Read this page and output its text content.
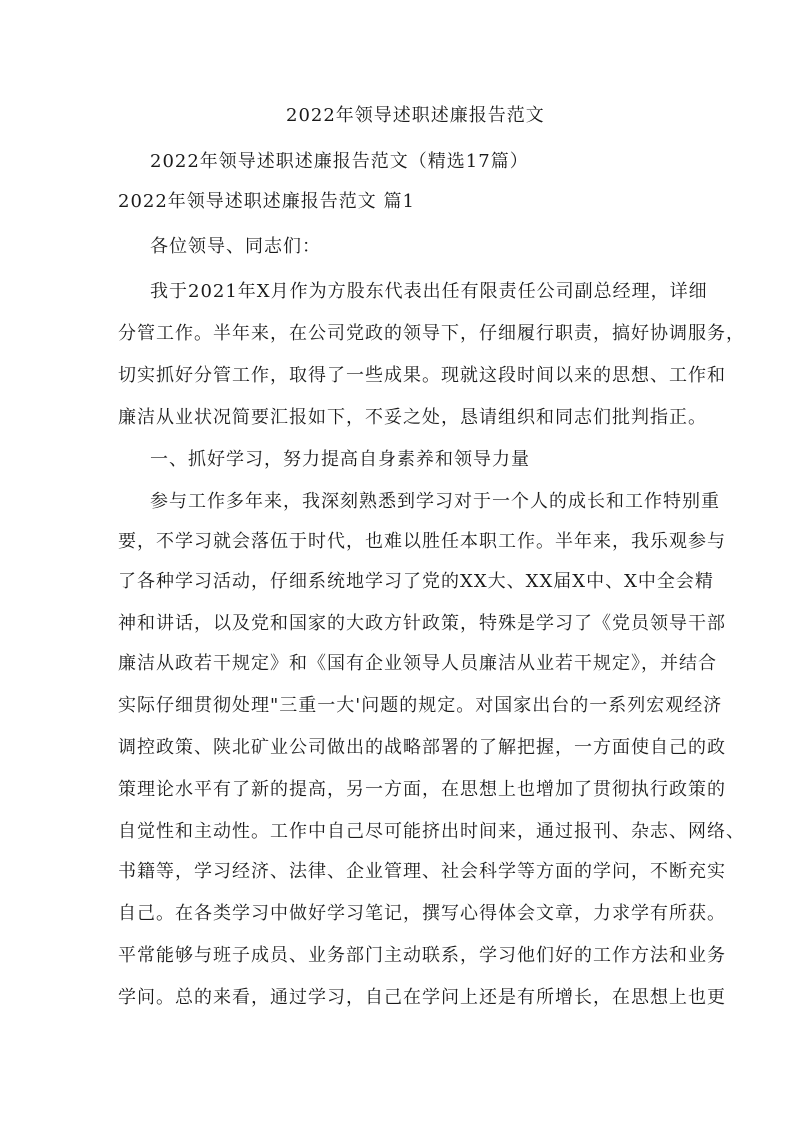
2022年领导述职述廉报告范文

2022年领导述职述廉报告范文（精选17篇）

2022年领导述职述廉报告范文 篇1

各位领导、同志们：

我于2021年X月作为方股东代表出任有限责任公司副总经理，详细

分管工作。半年来，在公司党政的领导下，仔细履行职责，搞好协调服务，

切实抓好分管工作，取得了一些成果。现就这段时间以来的思想、工作和

廉洁从业状况简要汇报如下，不妥之处，恳请组织和同志们批判指正。

一、抓好学习，努力提高自身素养和领导力量

参与工作多年来，我深刻熟悉到学习对于一个人的成长和工作特别重

要，不学习就会落伍于时代，也难以胜任本职工作。半年来，我乐观参与

了各种学习活动，仔细系统地学习了党的XX大、XX届X中、X中全会精

神和讲话，以及党和国家的大政方针政策，特殊是学习了《党员领导干部

廉洁从政若干规定》和《国有企业领导人员廉洁从业若干规定》，并结合

实际仔细贯彻处理"三重一大'问题的规定。对国家出台的一系列宏观经济

调控政策、陕北矿业公司做出的战略部署的了解把握，一方面使自己的政

策理论水平有了新的提高，另一方面，在思想上也增加了贯彻执行政策的

自觉性和主动性。工作中自己尽可能挤出时间来，通过报刊、杂志、网络、

书籍等，学习经济、法律、企业管理、社会科学等方面的学问，不断充实

自己。在各类学习中做好学习笔记，撰写心得体会文章，力求学有所获。

平常能够与班子成员、业务部门主动联系，学习他们好的工作方法和业务

学问。总的来看，通过学习，自己在学问上还是有所增长，在思想上也更
